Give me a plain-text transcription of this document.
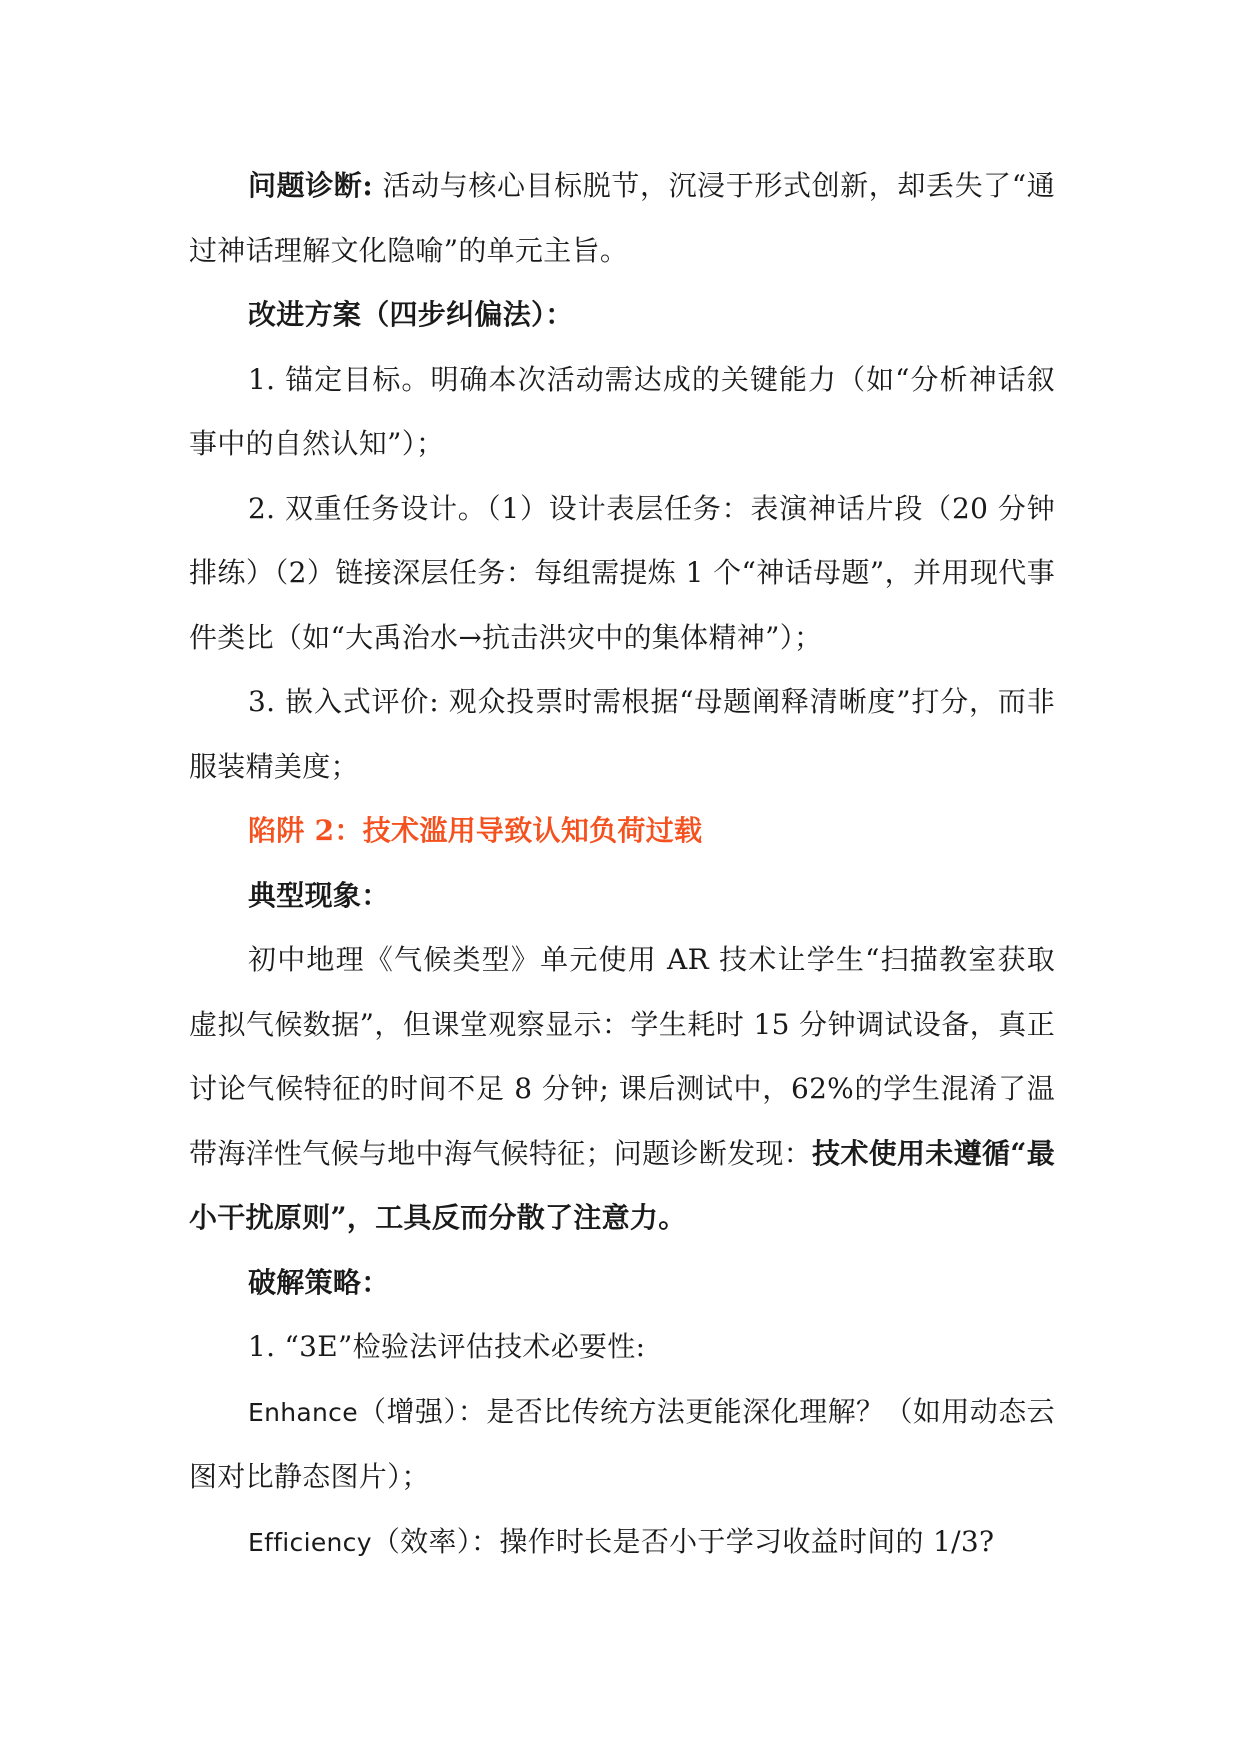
问题诊断: 活动与核心目标脱节，沉浸于形式创新，却丢失了“通过神话理解文化隐喻”的单元主旨。

改进方案（四步纠偏法）：

1. 锚定目标。明确本次活动需达成的关键能力（如“分析神话叙事中的自然认知”）；

2. 双重任务设计。（1）设计表层任务：表演神话片段（20 分钟排练）（2）链接深层任务：每组需提炼 1 个“神话母题”，并用现代事件类比（如“大禹治水→抗击洪灾中的集体精神”）；

3. 嵌入式评价: 观众投票时需根据“母题阐释清晰度”打分，而非服装精美度；

陷阱 2：技术滥用导致认知负荷过载

典型现象：

初中地理《气候类型》单元使用 AR 技术让学生“扫描教室获取虚拟气候数据”，但课堂观察显示：学生耗时 15 分钟调试设备，真正讨论气候特征的时间不足 8 分钟; 课后测试中，62%的学生混淆了温带海洋性气候与地中海气候特征；问题诊断发现：技术使用未遵循“最小干扰原则”，工具反而分散了注意力。

破解策略：

1. “3E”检验法评估技术必要性:

Enhance（增强）：是否比传统方法更能深化理解？（如用动态云图对比静态图片）；

Efficiency（效率）：操作时长是否小于学习收益时间的 1/3?
